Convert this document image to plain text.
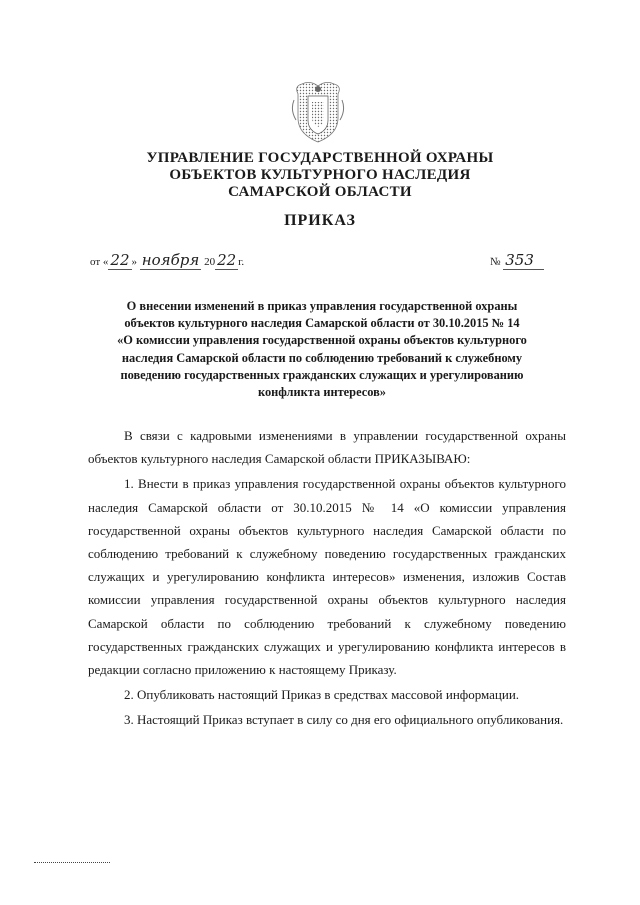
УПРАВЛЕНИЕ ГОСУДАРСТВЕННОЙ ОХРАНЫ
ОБЪЕКТОВ КУЛЬТУРНОГО НАСЛЕДИЯ
САМАРСКОЙ ОБЛАСТИ
ПРИКАЗ
от « 22 » ноября 20 22 г.	№ 353
О внесении изменений в приказ управления государственной охраны
объектов культурного наследия Самарской области от 30.10.2015 № 14
«О комиссии управления государственной охраны объектов культурного
наследия Самарской области по соблюдению требований к служебному
поведению государственных гражданских служащих и урегулированию
конфликта интересов»

В связи с кадровыми изменениями в управлении государственной охраны объектов культурного наследия Самарской области ПРИКАЗЫВАЮ:

1. Внести в приказ управления государственной охраны объектов культурного наследия Самарской области от 30.10.2015 № 14 «О комиссии управления государственной охраны объектов культурного наследия Самарской области по соблюдению требований к служебному поведению государственных гражданских служащих и урегулированию конфликта интересов» изменения, изложив Состав комиссии управления государственной охраны объектов культурного наследия Самарской области по соблюдению требований к служебному поведению государственных гражданских служащих и урегулированию конфликта интересов в редакции согласно приложению к настоящему Приказу.

2. Опубликовать настоящий Приказ в средствах массовой информации.

3. Настоящий Приказ вступает в силу со дня его официального опубликования.
